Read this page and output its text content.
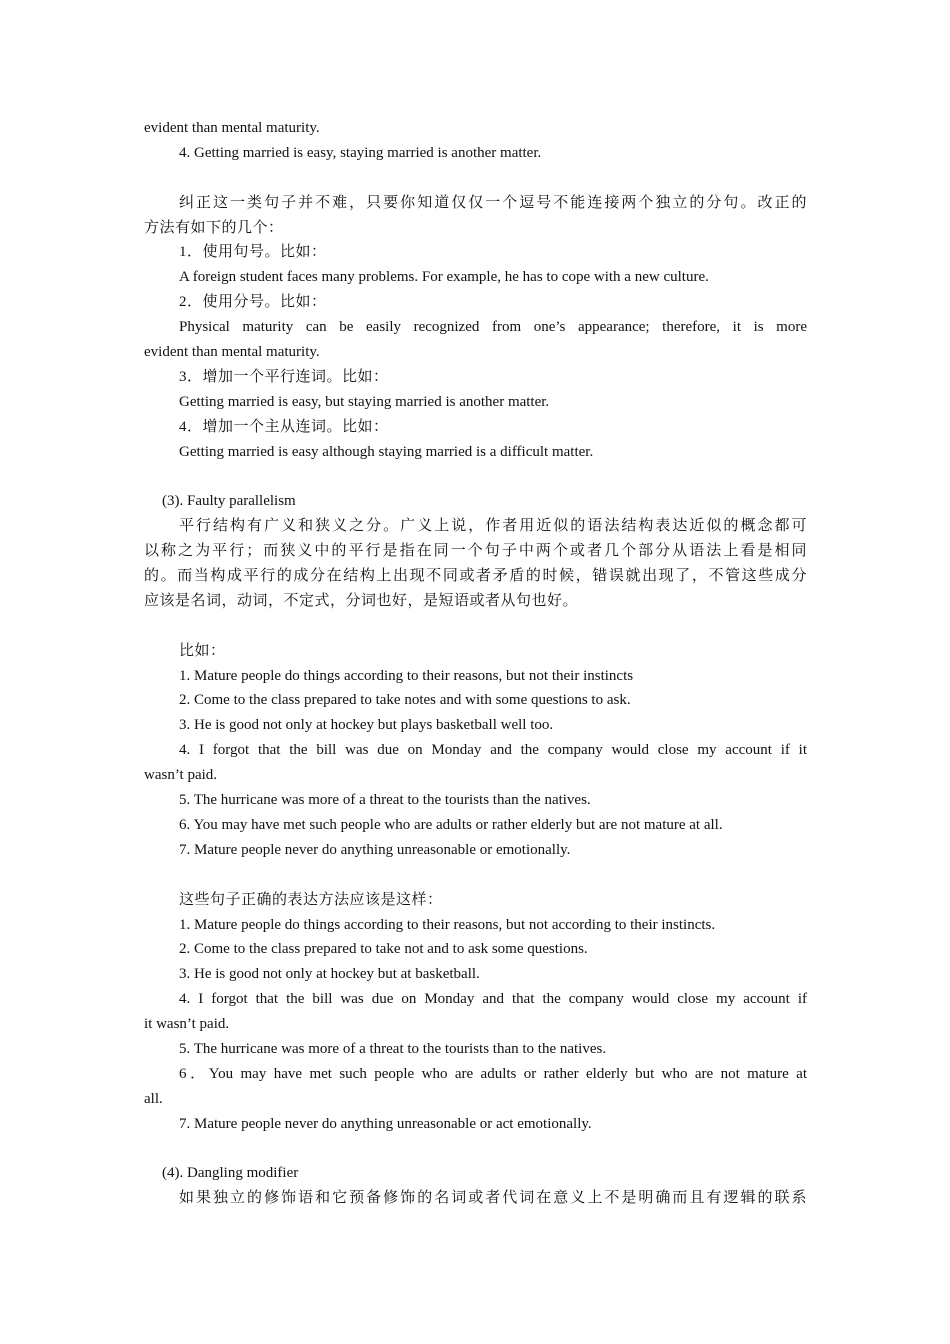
evident than mental maturity.
4. Getting married is easy, staying married is another matter.
纠正这一类句子并不难，只要你知道仅仅一个逗号不能连接两个独立的分句。改正的
方法有如下的几个：
1．使用句号。比如：
A foreign student faces many problems. For example, he has to cope with a new culture.
2．使用分号。比如：
Physical maturity can be easily recognized from one’s appearance; therefore, it is more
evident than mental maturity.
3．增加一个平行连词。比如：
Getting married is easy, but staying married is another matter.
4．增加一个主从连词。比如：
Getting married is easy although staying married is a difficult matter.
(3). Faulty parallelism
平行结构有广义和狭义之分。广义上说，作者用近似的语法结构表达近似的概念都可
以称之为平行；而狭义中的平行是指在同一个句子中两个或者几个部分从语法上看是相同
的。而当构成平行的成分在结构上出现不同或者矛盾的时候，错误就出现了，不管这些成分
应该是名词，动词，不定式，分词也好，是短语或者从句也好。
比如：
1. Mature people do things according to their reasons, but not their instincts
2. Come to the class prepared to take notes and with some questions to ask.
3. He is good not only at hockey but plays basketball well too.
4. I forgot that the bill was due on Monday and the company would close my account if it
wasn’t paid.
5. The hurricane was more of a threat to the tourists than the natives.
6. You may have met such people who are adults or rather elderly but are not mature at all.
7. Mature people never do anything unreasonable or emotionally.
这些句子正确的表达方法应该是这样：
1. Mature people do things according to their reasons, but not according to their instincts.
2. Come to the class prepared to take not and to ask some questions.
3. He is good not only at hockey but at basketball.
4. I forgot that the bill was due on Monday and that the company would close my account if
it wasn’t paid.
5. The hurricane was more of a threat to the tourists than to the natives.
6．You may have met such people who are adults or rather elderly but who are not mature at
all.
7. Mature people never do anything unreasonable or act emotionally.
(4). Dangling modifier
如果独立的修饰语和它预备修饰的名词或者代词在意义上不是明确而且有逻辑的联系
